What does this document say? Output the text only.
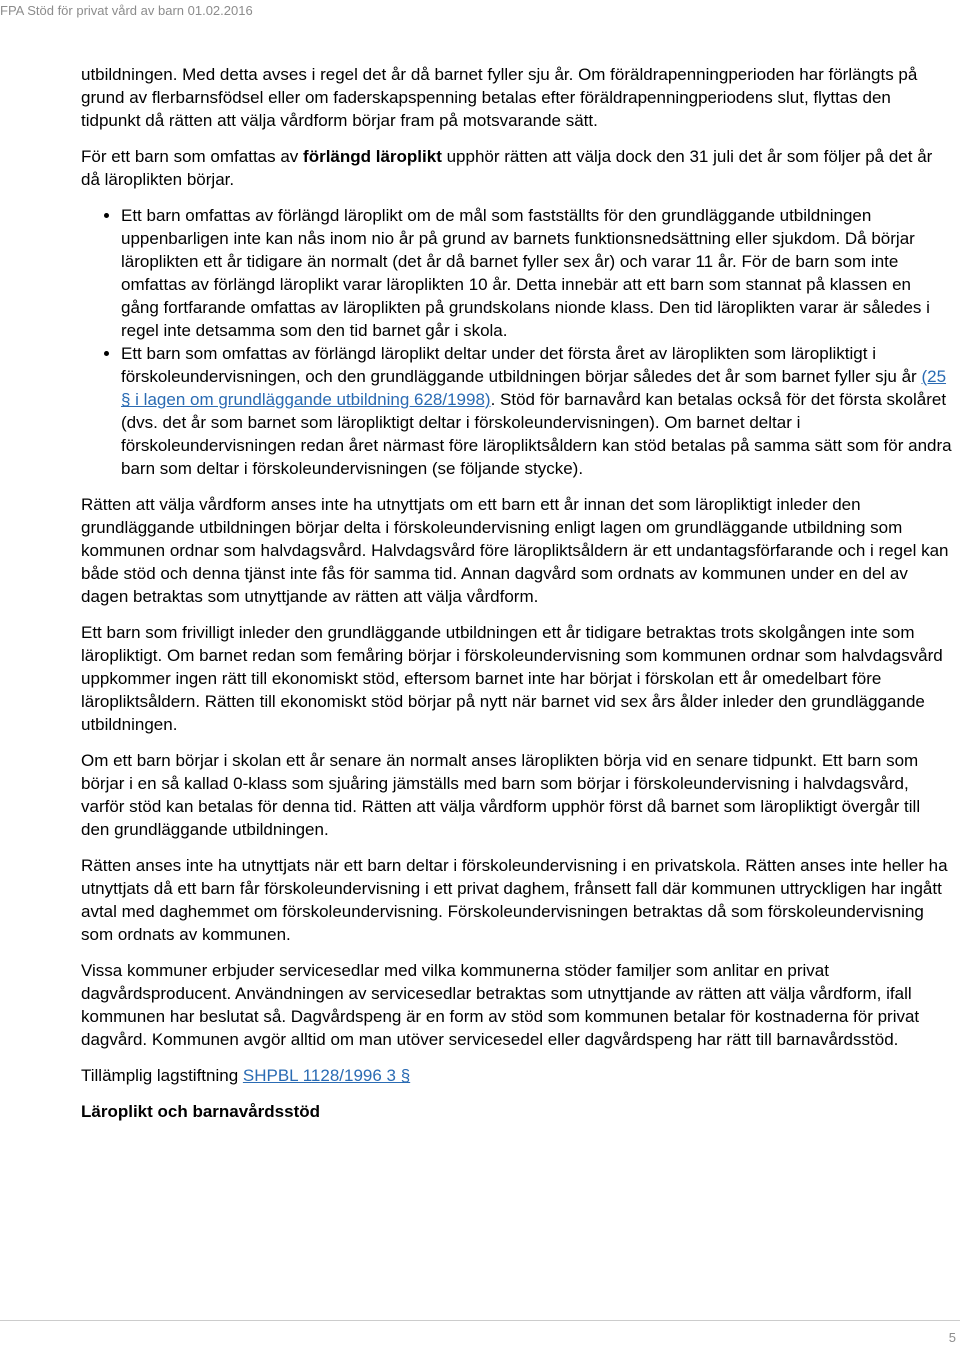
FPA Stöd för privat vård av barn 01.02.2016

utbildningen. Med detta avses i regel det år då barnet fyller sju år. Om föräldrapenningperioden har förlängts på grund av flerbarnsfödsel eller om faderskapspenning betalas efter föräldrapenningperiodens slut, flyttas den tidpunkt då rätten att välja vårdform börjar fram på motsvarande sätt.

För ett barn som omfattas av förlängd läroplikt upphör rätten att välja dock den 31 juli det år som följer på det år då läroplikten börjar.

• Ett barn omfattas av förlängd läroplikt om de mål som fastställts för den grundläggande utbildningen uppenbarligen inte kan nås inom nio år på grund av barnets funktionsnedsättning eller sjukdom. Då börjar läroplikten ett år tidigare än normalt (det år då barnet fyller sex år) och varar 11 år. För de barn som inte omfattas av förlängd läroplikt varar läroplikten 10 år. Detta innebär att ett barn som stannat på klassen en gång fortfarande omfattas av läroplikten på grundskolans nionde klass. Den tid läroplikten varar är således i regel inte detsamma som den tid barnet går i skola.
• Ett barn som omfattas av förlängd läroplikt deltar under det första året av läroplikten som läropliktigt i förskoleundervisningen, och den grundläggande utbildningen börjar således det år som barnet fyller sju år (25 § i lagen om grundläggande utbildning 628/1998). Stöd för barnavård kan betalas också för det första skolåret (dvs. det år som barnet som läropliktigt deltar i förskoleundervisningen). Om barnet deltar i förskoleundervisningen redan året närmast före läropliktsåldern kan stöd betalas på samma sätt som för andra barn som deltar i förskoleundervisningen (se följande stycke).

Rätten att välja vårdform anses inte ha utnyttjats om ett barn ett år innan det som läropliktigt inleder den grundläggande utbildningen börjar delta i förskoleundervisning enligt lagen om grundläggande utbildning som kommunen ordnar som halvdagsvård. Halvdagsvård före läropliktsåldern är ett undantagsförfarande och i regel kan både stöd och denna tjänst inte fås för samma tid. Annan dagvård som ordnats av kommunen under en del av dagen betraktas som utnyttjande av rätten att välja vårdform.

Ett barn som frivilligt inleder den grundläggande utbildningen ett år tidigare betraktas trots skolgången inte som läropliktigt. Om barnet redan som femåring börjar i förskoleundervisning som kommunen ordnar som halvdagsvård uppkommer ingen rätt till ekonomiskt stöd, eftersom barnet inte har börjat i förskolan ett år omedelbart före läropliktsåldern. Rätten till ekonomiskt stöd börjar på nytt när barnet vid sex års ålder inleder den grundläggande utbildningen.

Om ett barn börjar i skolan ett år senare än normalt anses läroplikten börja vid en senare tidpunkt. Ett barn som börjar i en så kallad 0-klass som sjuåring jämställs med barn som börjar i förskoleundervisning i halvdagsvård, varför stöd kan betalas för denna tid. Rätten att välja vårdform upphör först då barnet som läropliktigt övergår till den grundläggande utbildningen.

Rätten anses inte ha utnyttjats när ett barn deltar i förskoleundervisning i en privatskola. Rätten anses inte heller ha utnyttjats då ett barn får förskoleundervisning i ett privat daghem, frånsett fall där kommunen uttryckligen har ingått avtal med daghemmet om förskoleundervisning. Förskoleundervisningen betraktas då som förskoleundervisning som ordnats av kommunen.

Vissa kommuner erbjuder servicesedlar med vilka kommunerna stöder familjer som anlitar en privat dagvårdsproducent. Användningen av servicesedlar betraktas som utnyttjande av rätten att välja vårdform, ifall kommunen har beslutat så. Dagvårdspeng är en form av stöd som kommunen betalar för kostnaderna för privat dagvård. Kommunen avgör alltid om man utöver servicesedel eller dagvårdspeng har rätt till barnavårdsstöd.

Tillämplig lagstiftning SHPBL 1128/1996 3 §

Läroplikt och barnavårdsstöd

5
